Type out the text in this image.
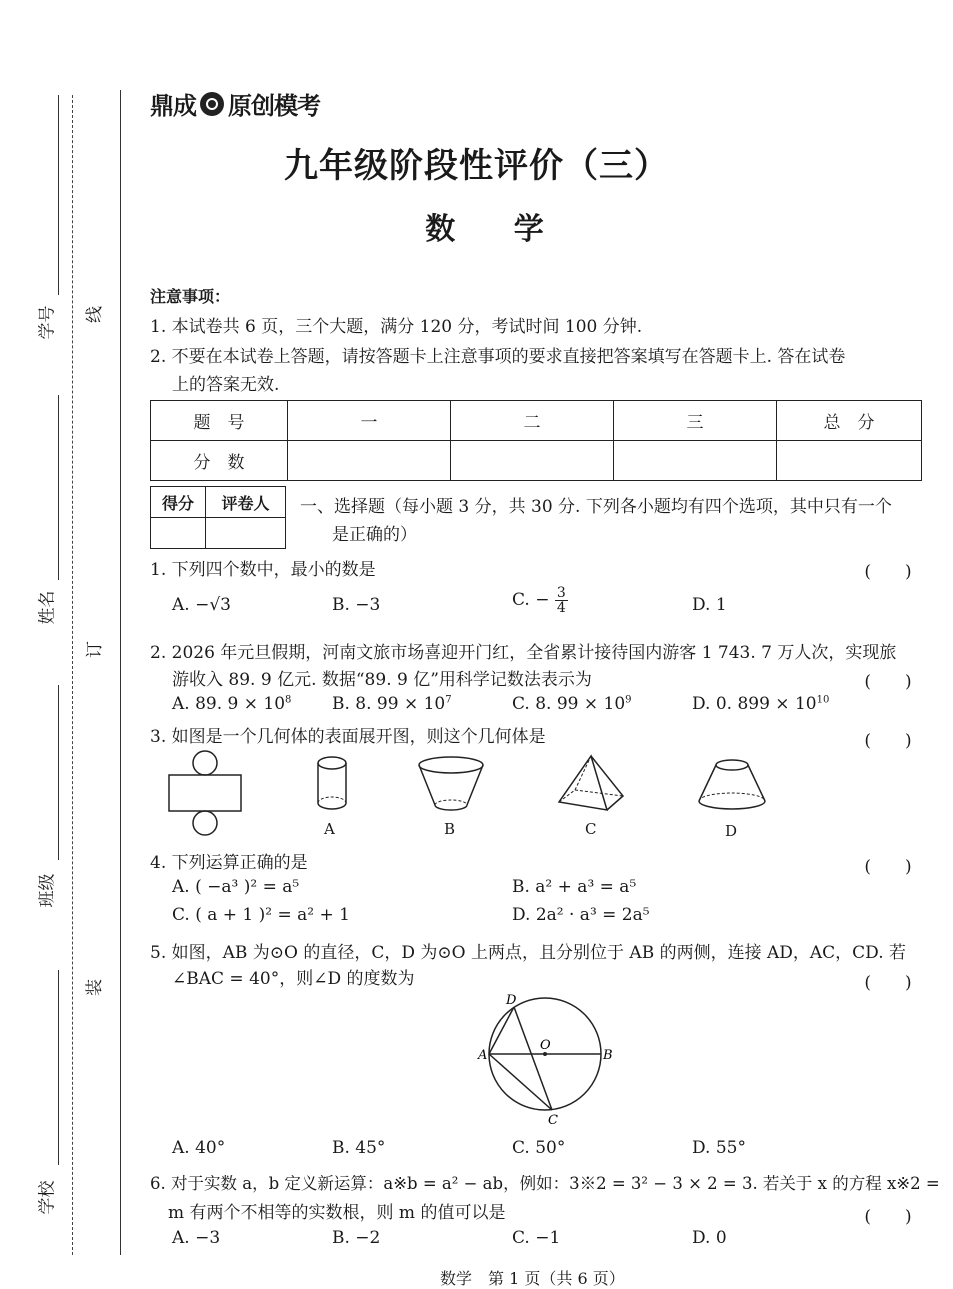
学号
姓名
班级
学校
线
订
装
鼎成 原创模考
九年级阶段性评价（三）
数 学
注意事项：
1. 本试卷共 6 页，三个大题，满分 120 分，考试时间 100 分钟.
2. 不要在本试卷上答题，请按答题卡上注意事项的要求直接把答案填写在答题卡上. 答在试卷
上的答案无效.
题　号	一	二	三	总　分
分　数				
得分	评卷人
	一、选择题（每小题 3 分，共 30 分. 下列各小题均有四个选项，其中只有一个
是正确的）
1. 下列四个数中，最小的数是	(　　)
A. −√3	B. −3	C. − $\frac{3}{4}$	D. 1
2. 2026 年元旦假期，河南文旅市场喜迎开门红，全省累计接待国内游客 1 743. 7 万人次，实现旅
游收入 89. 9 亿元. 数据“89. 9 亿”用科学记数法表示为	(　　)
A. 89. $9 \times 10^8$ B. 8. $99 \times 10^7$	C. 8. $99 \times 10^9$	D. 0. $899 \times 10^{10}$
3. 如图是一个几何体的表面展开图，则这个几何体是	(　　)
A	B	C	D
4. 下列运算正确的是	(　　)
A. ( −a³ )² = a⁵	B. a² + a³ = a⁵
C. ( a + 1 )² = a² + 1	D. 2a² · a³ = 2a⁵
5. 如图，AB 为⊙O 的直径，C，D 为⊙O 上两点，且分别位于 AB 的两侧，连接 AD，AC，CD. 若
∠BAC = 40°，则∠D 的度数为	(　　)
A	B
C
D
O
A. 40°	B. 45°	C. 50°	D. 55°
6. 对于实数 a，b 定义新运算：a※b = a² − ab，例如：3※2 = 3² − 3 × 2 = 3. 若关于 x 的方程 x※2 =
m 有两个不相等的实数根，则 m 的值可以是	(　　)
A. −3	B. −2	C. −1	D. 0
数学　第 1 页（共 6 页）
